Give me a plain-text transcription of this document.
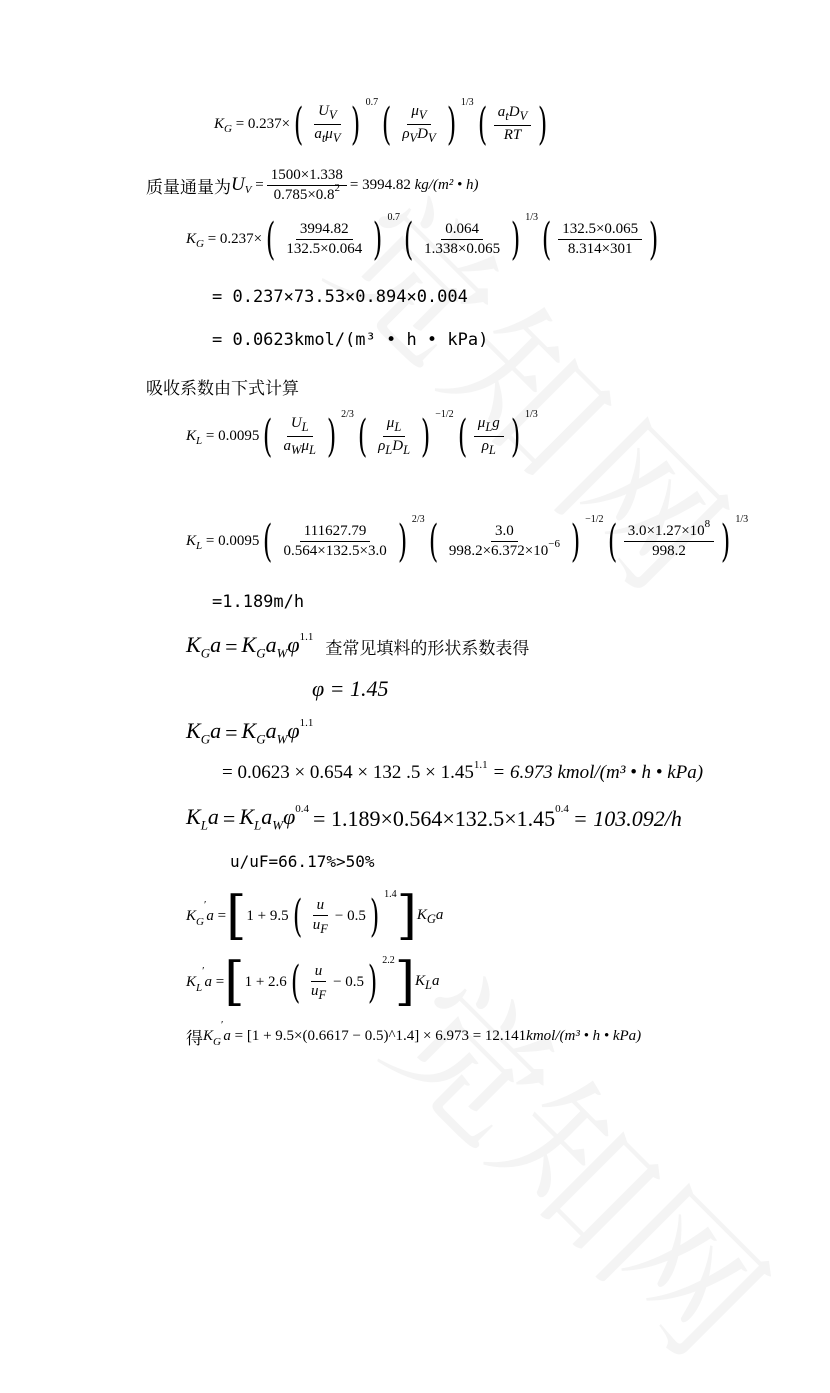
K G = 0.237× ( $\frac{U_V}{a_t\mu_V}$ ) 0.7 ( $\frac{\mu_V}{\rho_VD_V}$ ) 1/3 ( $\frac{a_tD_V}{RT}$ )
质量通量为 U $V = \frac{1500\times 1.338}{0.785\times 0.8^2} = 3994.82$
kg/(m² • h)
K G = 0.237× ( $\frac{3994.82}{132.5\times 0.064}$ ) 0.7 ( $\frac{0.064}{1.338\times 0.065}$ ) 1/3 ( $\frac{132.5\times 0.065}{8.314\times 301}$ )
= 0.237×73.53×0.894×0.004
= 0.0623kmol/(m³ • h • kPa)
吸收系数由下式计算
K L = 0.0095 ( $\frac{U_L}{a_W\mu_L}$ ) 2/3 ( $\frac{\mu_L}{\rho_LD_L}$ ) −1/2 ( $\frac{\mu_Lg}{\rho_L}$ ) 1/3
K L = 0.0095 ( $\frac{111627.79}{0.564\times 132.5\times 3.0}$ ) 2/3 ( $\frac{3.0}{998.2\times 6.372\times 10^{-6}}$ ) −1/2 ( $\frac{3.0\times 1.27\times 10^8}{998.2}$ ) 1/3
=1.189m/h
$K_Ga$
=
$K_Ga_W\varphi$ 1.1

查常见填料的形状系数表得
φ = 1.45
$K_Ga$
=
$K_Ga_W\varphi$ 1.1
= 0.0623 × 0.654 × 132 .5 × 1.45 1.1
= 6.973 kmol/(m³ • h • kPa)
$K_La$
=
$K_La_W\varphi$ 0.4
= 1.189×0.564×132.5×1.45 0.4
= 103.092/h
u/uF=66.17%>50%
K G
′
a = [ 1 + 9.5 ( $\frac{u}{u_F} - 0.5$ ) 1.4 ] $K_Ga$
K L
′
a = [ 1 + 2.6 ( $\frac{u}{u_F} - 0.5$ ) 2.2 ] $K_La$
得 K G
′
a = [1 + 9.5×(0.6617 − 0.5)^1.4] × 6.973 = 12.141 kmol/(m³ • h • kPa)
